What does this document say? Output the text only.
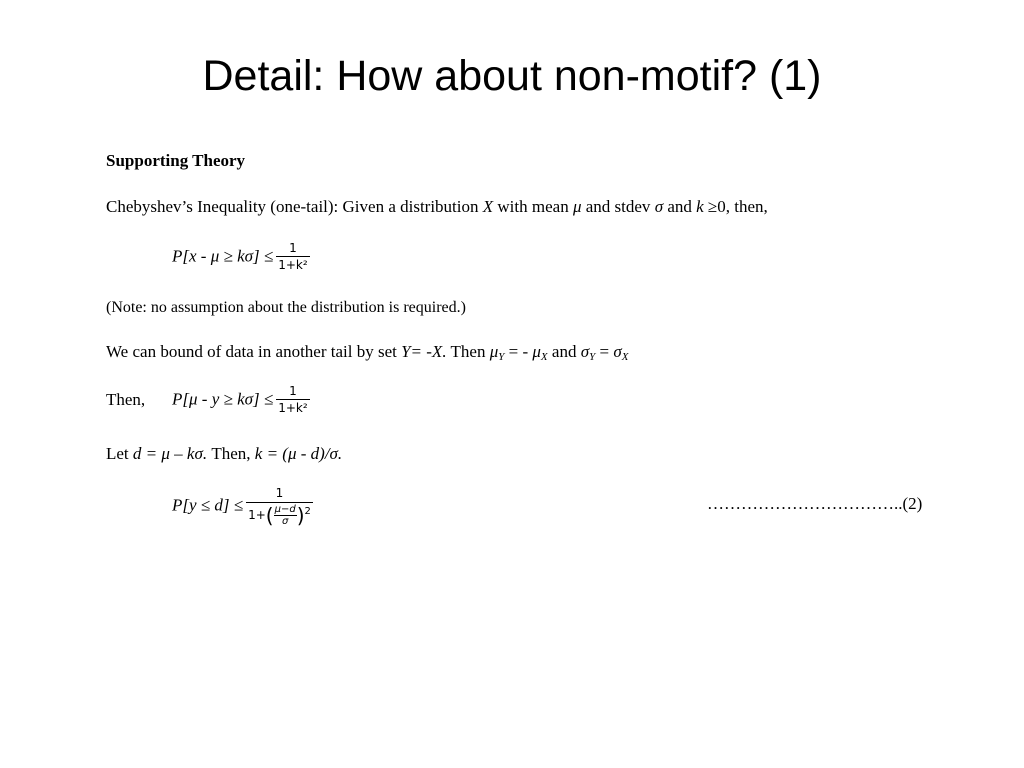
Detail: How about non-motif? (1)
Supporting Theory
Chebyshev’s Inequality (one-tail): Given a distribution X with mean μ and stdev σ and k ≥0, then,
$P[x - \mu \ge k\sigma] \le \frac{1}{\text{1+k²}}$
(Note: no assumption about the distribution is required.)
We can bound of data in another tail by set Y= -X. Then $\mu_Y$ = - $\mu_X$ and $\sigma_Y = \sigma_X$
Then, $P[\mu - y \ge k\sigma] \le \frac{1}{\text{1+k²}}$
Let d = μ – kσ. Then, k = (μ - d)/σ.
$P[y \le d] \le \frac{1}{1+( \frac{\mu-d}{\sigma} )^2}$	……………………………..(2)
